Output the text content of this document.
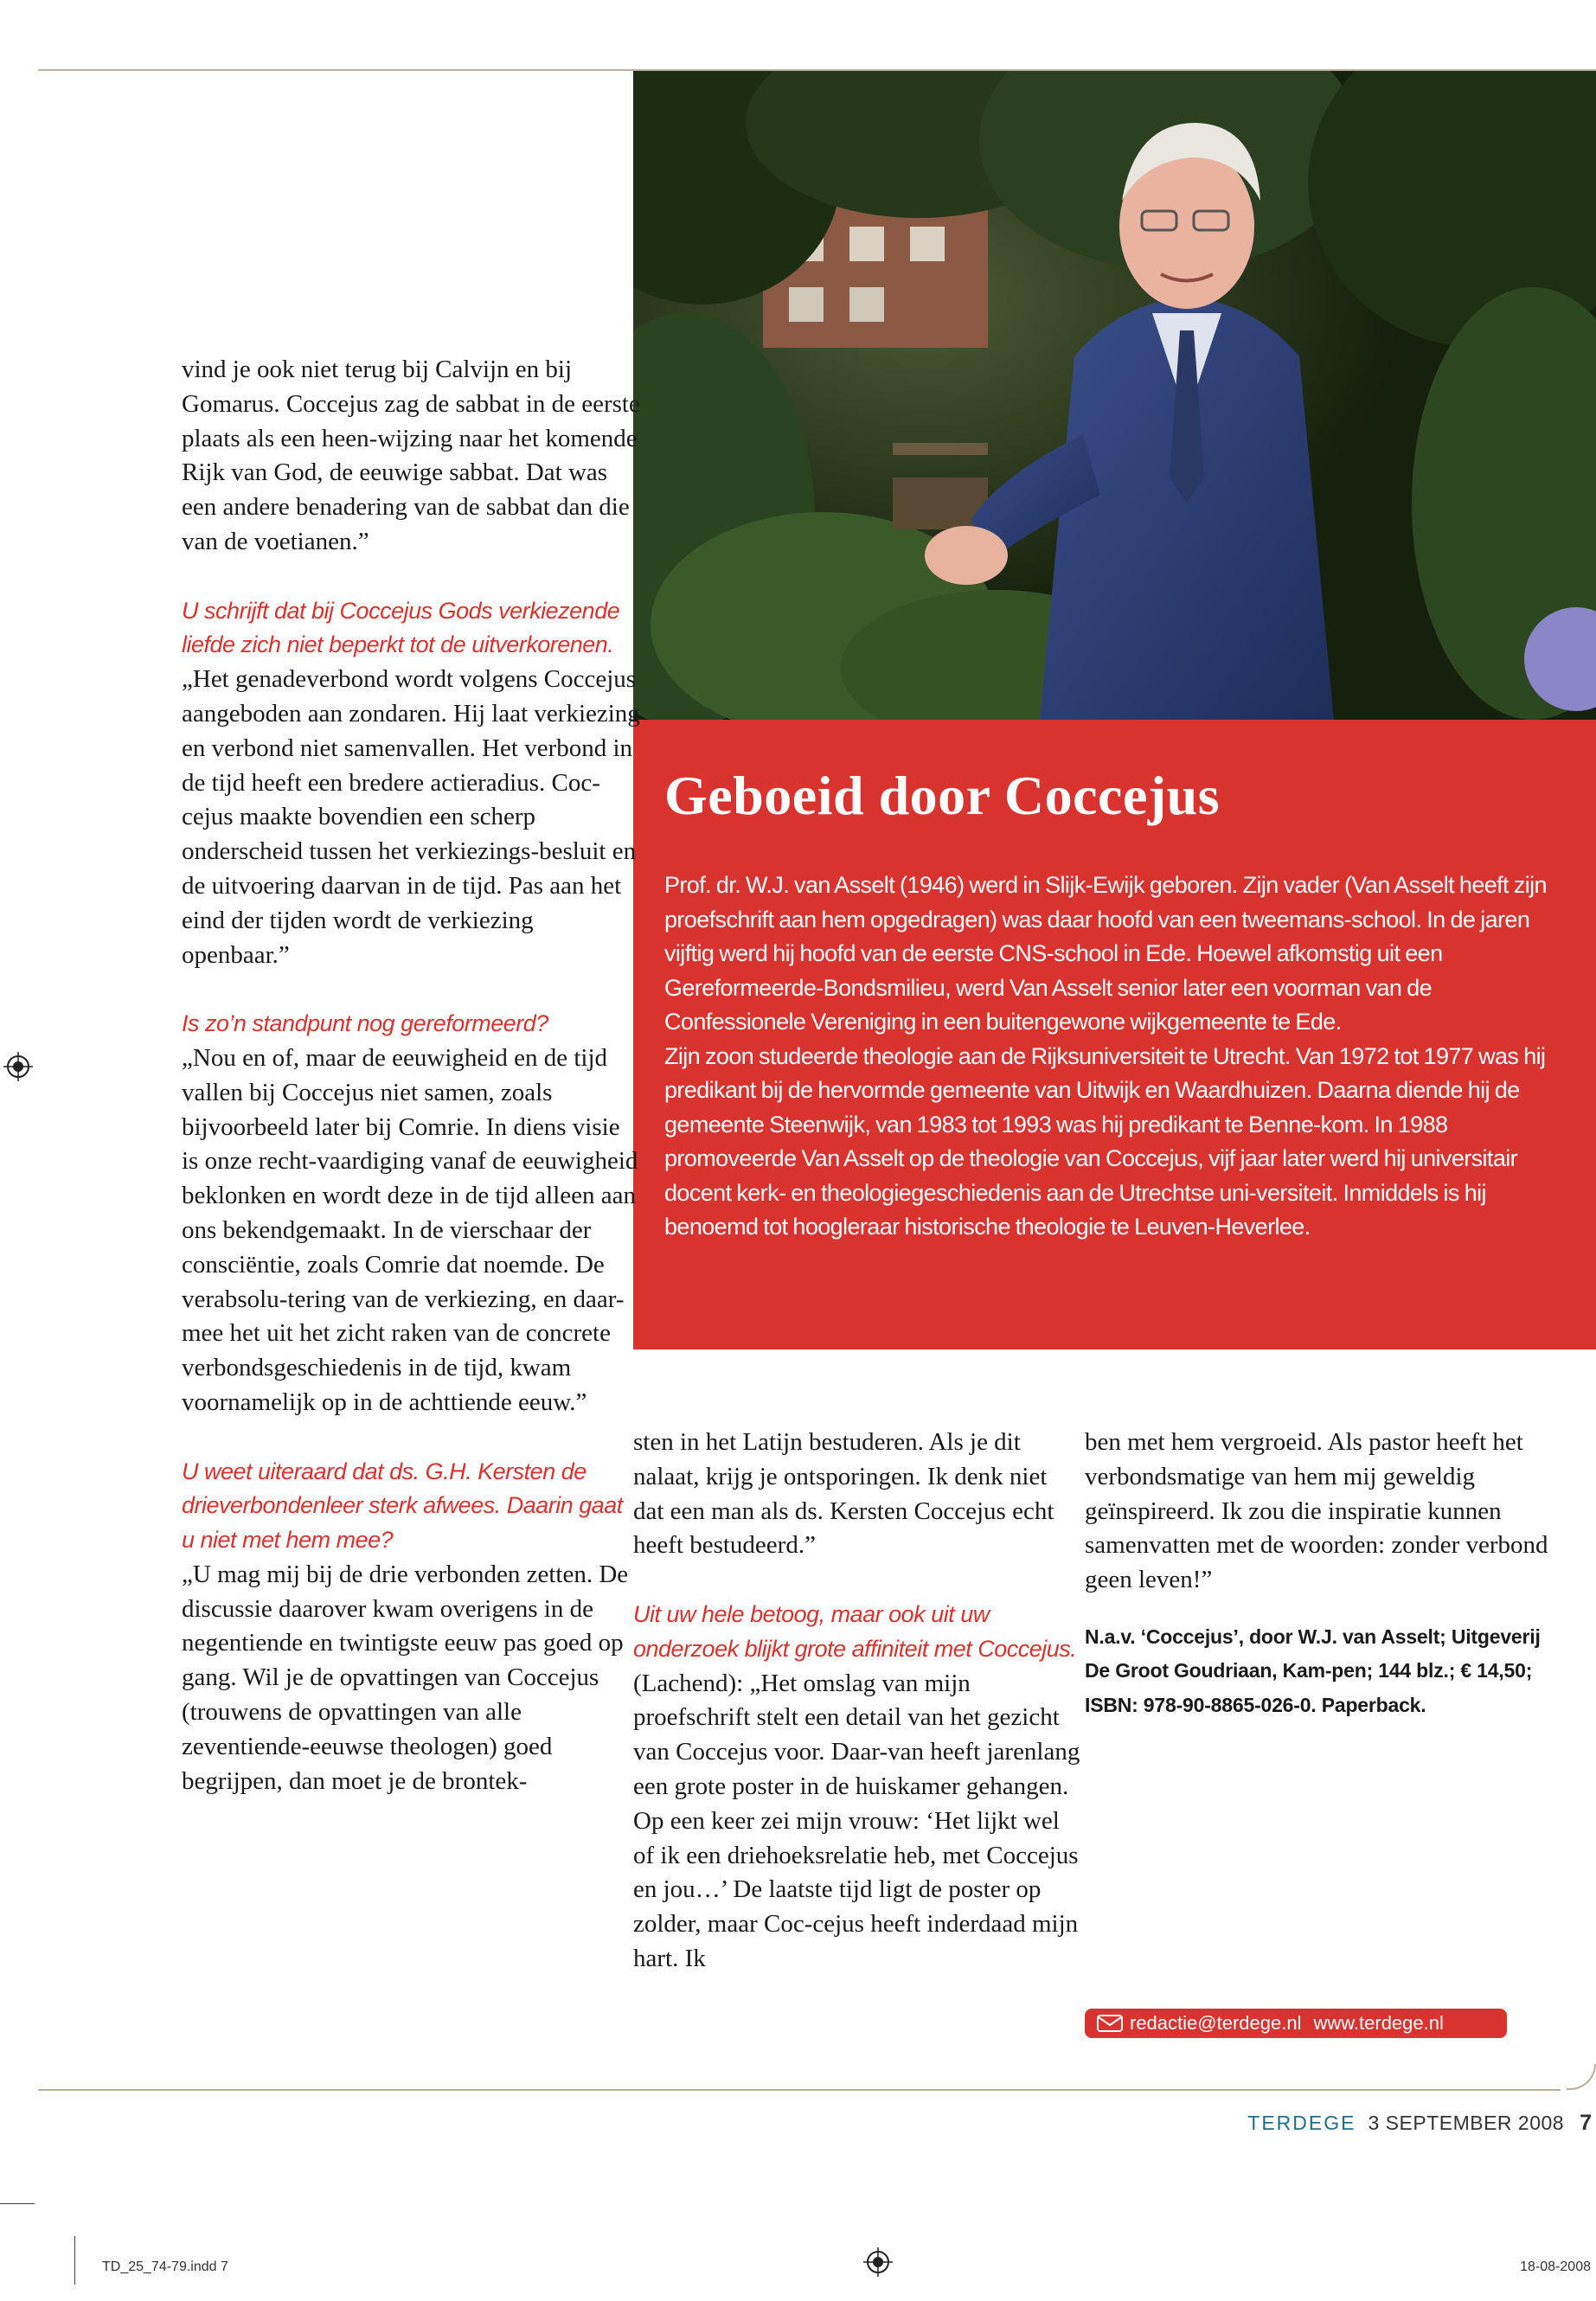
Geboeid door Coccejus

Prof. dr. W.J. van Asselt (1946) werd in Slijk-Ewijk geboren. Zijn vader (Van Asselt heeft zijn proefschrift aan hem opgedragen) was daar hoofd van een tweemans-school. In de jaren vijftig werd hij hoofd van de eerste CNS-school in Ede. Hoewel afkomstig uit een Gereformeerde-Bondsmilieu, werd Van Asselt senior later een voorman van de Confessionele Vereniging in een buitengewone wijkgemeente te Ede.

Zijn zoon studeerde theologie aan de Rijksuniversiteit te Utrecht. Van 1972 tot 1977 was hij predikant bij de hervormde gemeente van Uitwijk en Waardhuizen. Daarna diende hij de gemeente Steenwijk, van 1983 tot 1993 was hij predikant te Benne-kom. In 1988 promoveerde Van Asselt op de theologie van Coccejus, vijf jaar later werd hij universitair docent kerk- en theologiegeschiedenis aan de Utrechtse uni-versiteit. Inmiddels is hij benoemd tot hoogleraar historische theologie te Leuven-Heverlee.

vind je ook niet terug bij Calvijn en bij Gomarus. Coccejus zag de sabbat in de eerste plaats als een heen-wijzing naar het komende Rijk van God, de eeuwige sabbat. Dat was een andere benadering van de sabbat dan die van de voetianen.”

U schrijft dat bij Coccejus Gods verkiezende liefde zich niet beperkt tot de uitverkorenen.

„Het genadeverbond wordt volgens Coccejus aangeboden aan zondaren. Hij laat verkiezing en verbond niet samenvallen. Het verbond in de tijd heeft een bredere actieradius. Coc-cejus maakte bovendien een scherp onderscheid tussen het verkiezings-besluit en de uitvoering daarvan in de tijd. Pas aan het eind der tijden wordt de verkiezing openbaar.”

Is zo’n standpunt nog gereformeerd?

„Nou en of, maar de eeuwigheid en de tijd vallen bij Coccejus niet samen, zoals bijvoorbeeld later bij Comrie. In diens visie is onze recht-vaardiging vanaf de eeuwigheid beklonken en wordt deze in de tijd alleen aan ons bekendgemaakt. In de vierschaar der consciëntie, zoals Comrie dat noemde. De verabsolu-tering van de verkiezing, en daar-mee het uit het zicht raken van de concrete verbondsgeschiedenis in de tijd, kwam voornamelijk op in de achttiende eeuw.”

U weet uiteraard dat ds. G.H. Kersten de drieverbondenleer sterk afwees. Daarin gaat u niet met hem mee?

„U mag mij bij de drie verbonden zetten. De discussie daarover kwam overigens in de negentiende en twintigste eeuw pas goed op gang. Wil je de opvattingen van Coccejus (trouwens de opvattingen van alle zeventiende-eeuwse theologen) goed begrijpen, dan moet je de brontek-

sten in het Latijn bestuderen. Als je dit nalaat, krijg je ontsporingen. Ik denk niet dat een man als ds. Kersten Coccejus echt heeft bestudeerd.”

Uit uw hele betoog, maar ook uit uw onderzoek blijkt grote affiniteit met Coccejus.

(Lachend): „Het omslag van mijn proefschrift stelt een detail van het gezicht van Coccejus voor. Daar-van heeft jarenlang een grote poster in de huiskamer gehangen. Op een keer zei mijn vrouw: ‘Het lijkt wel of ik een driehoeksrelatie heb, met Coccejus en jou…’ De laatste tijd ligt de poster op zolder, maar Coc-cejus heeft inderdaad mijn hart. Ik

ben met hem vergroeid. Als pastor heeft het verbondsmatige van hem mij geweldig geïnspireerd. Ik zou die inspiratie kunnen samenvatten met de woorden: zonder verbond geen leven!”

N.a.v. ‘Coccejus’, door W.J. van Asselt; Uitgeverij De Groot Goudriaan, Kam-pen; 144 blz.; € 14,50; ISBN: 978-90-8865-026-0. Paperback.

redactie@terdege.nl www.terdege.nl
TERDEGE 3 SEPTEMBER 2008 7
TD_25_74-79.indd 7	18-08-2008
